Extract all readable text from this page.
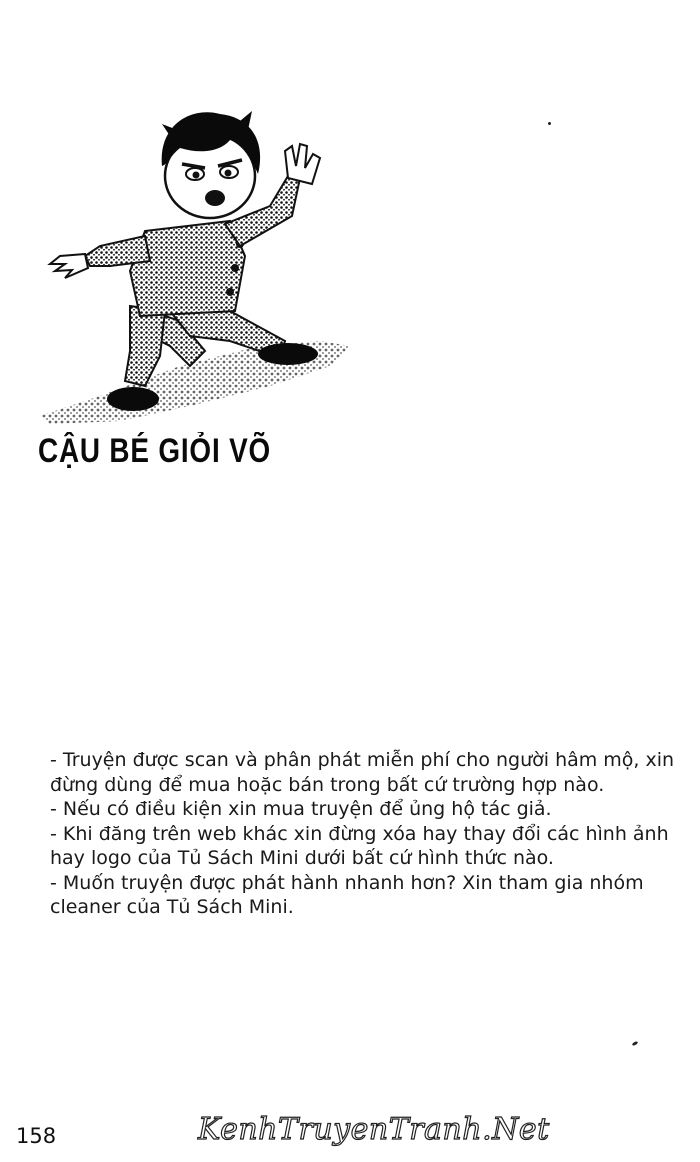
CẬU BÉ GIỎI VÕ
- Truyện được scan và phân phát miễn phí cho người hâm mộ, xin
đừng dùng để mua hoặc bán trong bất cứ trường hợp nào.
- Nếu có điều kiện xin mua truyện để ủng hộ tác giả.
- Khi đăng trên web khác xin đừng xóa hay thay đổi các hình ảnh
hay logo của Tủ Sách Mini dưới bất cứ hình thức nào.
- Muốn truyện được phát hành nhanh hơn? Xin tham gia nhóm
cleaner của Tủ Sách Mini.
158	KenhTruyenTranh.Net
